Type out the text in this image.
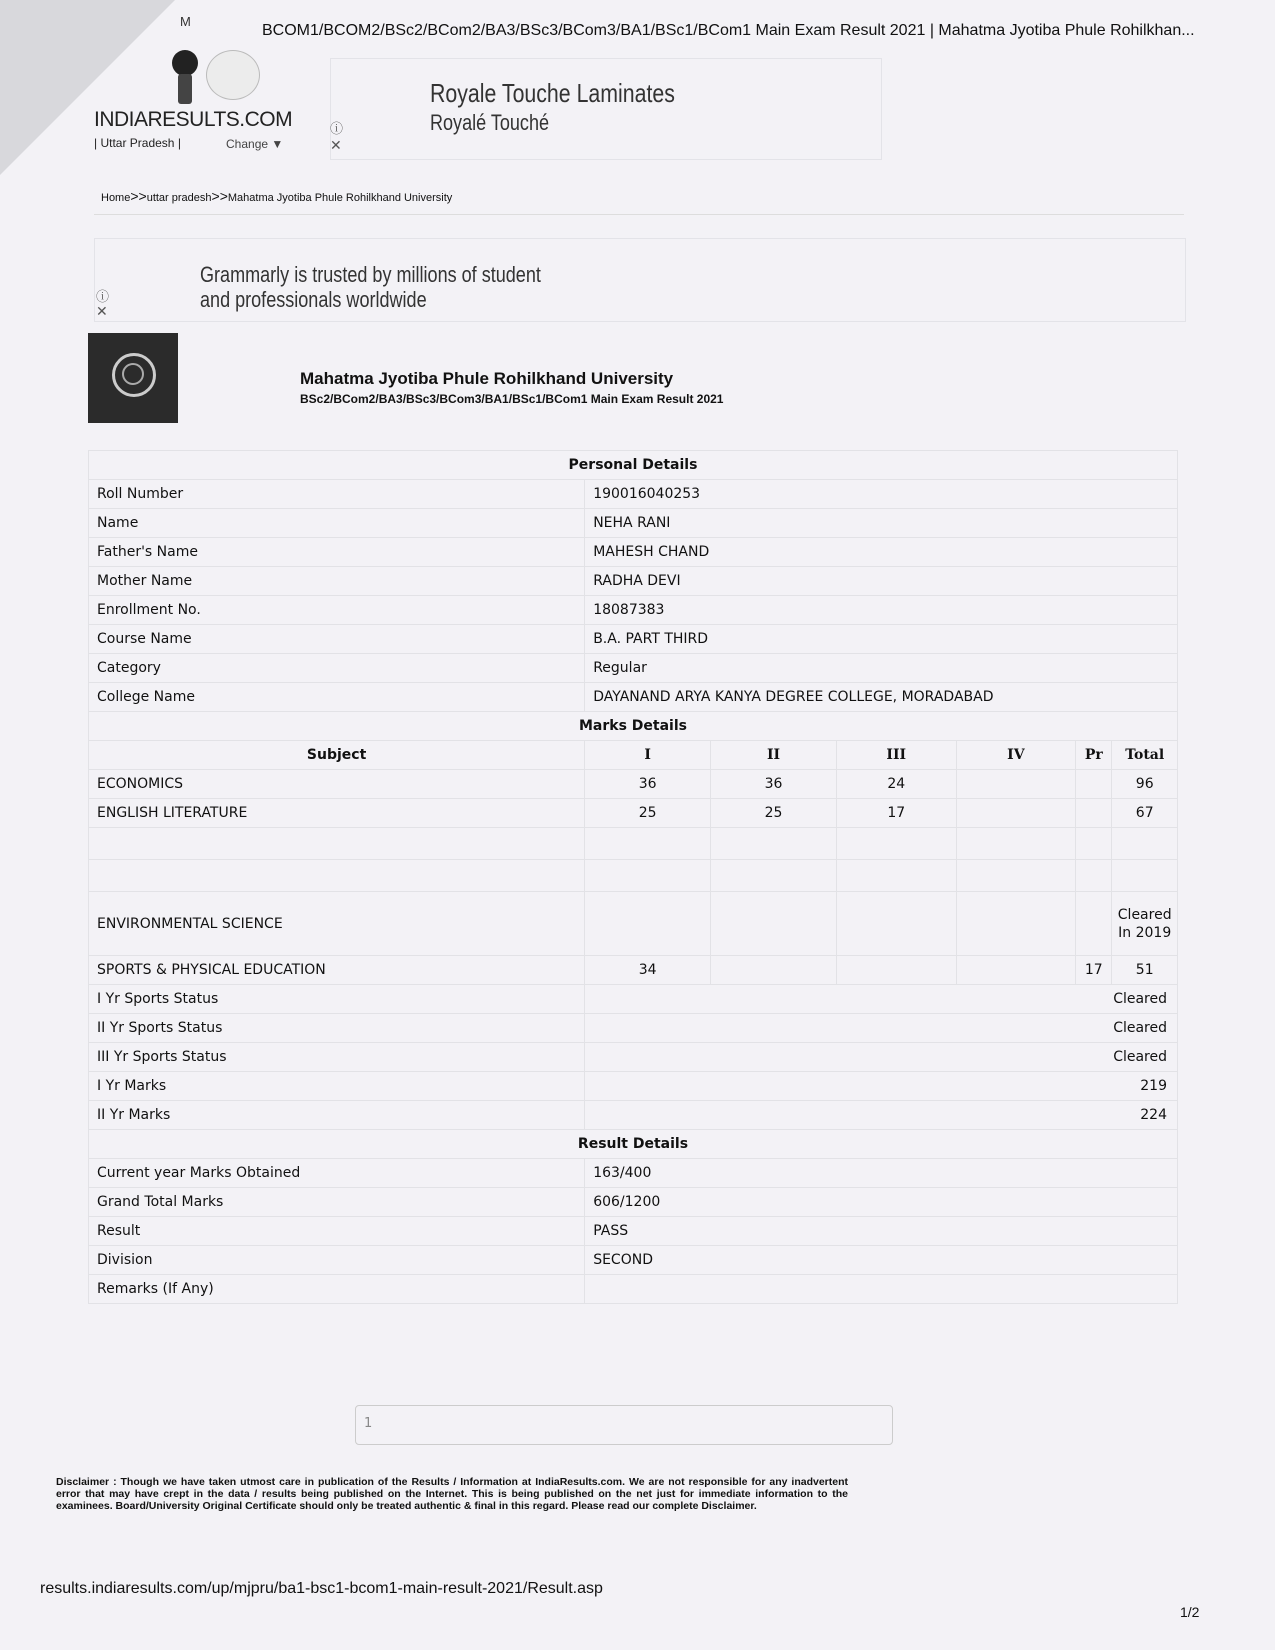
M
BCOM1/BCOM2/BSc2/BCom2/BA3/BSc3/BCom3/BA1/BSc1/BCom1 Main Exam Result 2021 | Mahatma Jyotiba Phule Rohilkhan...
INDIARESULTS.COM
| Uttar Pradesh |	Change ▼
ⓘ
✕
Royale Touche Laminates
Royalé Touché
Home>>uttar pradesh>>Mahatma Jyotiba Phule Rohilkhand University
ⓘ
✕
Grammarly is trusted by millions of student
and professionals worldwide
Mahatma Jyotiba Phule Rohilkhand University
BSc2/BCom2/BA3/BSc3/BCom3/BA1/BSc1/BCom1 Main Exam Result 2021
Personal Details						
Roll Number	190016040253					
Name	NEHA RANI					
Father's Name	MAHESH CHAND					
Mother Name	RADHA DEVI					
Enrollment No.	18087383					
Course Name	B.A. PART THIRD					
Category	Regular					
College Name	DAYANAND ARYA KANYA DEGREE COLLEGE, MORADABAD					
Marks Details						
Subject	I	II	III	IV	Pr	Total
ECONOMICS	36	36	24			96
ENGLISH LITERATURE	25	25	17			67

ENVIRONMENTAL SCIENCE						Cleared In 2019
SPORTS & PHYSICAL EDUCATION	34				17	51
I Yr Sports Status	Cleared					
II Yr Sports Status	Cleared					
III Yr Sports Status	Cleared					
I Yr Marks	219					
II Yr Marks	224					
Result Details						
Current year Marks Obtained	163/400					
Grand Total Marks	606/1200					
Result	PASS					
Division	SECOND					
Remarks (If Any)						
1
Disclaimer : Though we have taken utmost care in publication of the Results / Information at IndiaResults.com. We are not responsible for any inadvertent error that may have crept in the data / results being published on the Internet. This is being published on the net just for immediate information to the examinees. Board/University Original Certificate should only be treated authentic & final in this regard. Please read our complete Disclaimer.
results.indiaresults.com/up/mjpru/ba1-bsc1-bcom1-main-result-2021/Result.asp
1/2
